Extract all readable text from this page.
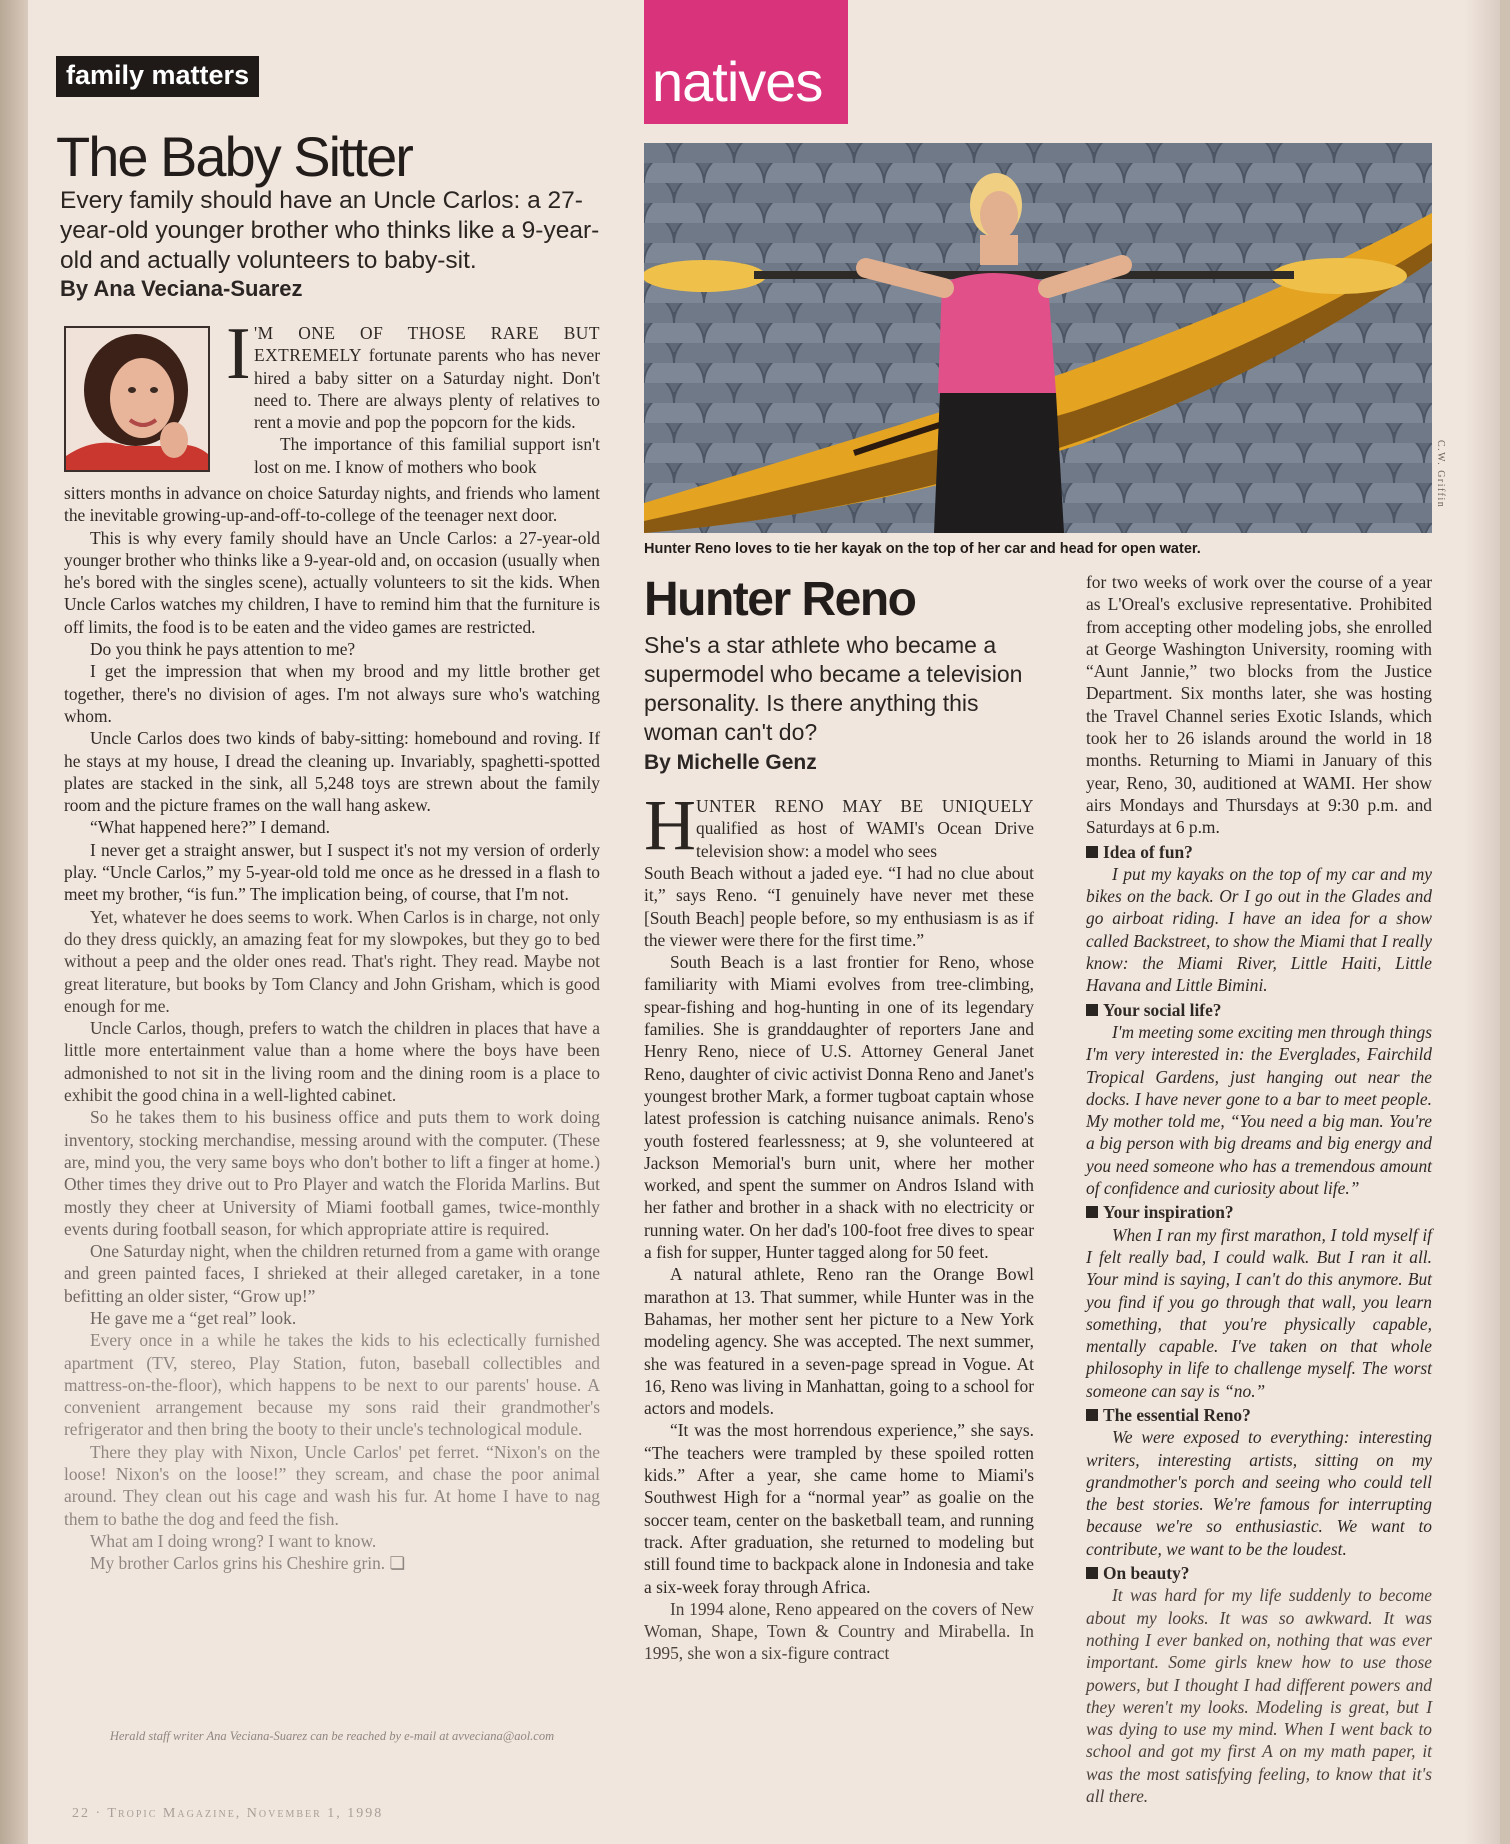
family matters
The Baby Sitter
Every family should have an Uncle Carlos: a 27-year-old younger brother who thinks like a 9-year-old and actually volunteers to baby-sit.
By Ana Veciana-Suarez
I 'M ONE OF THOSE RARE BUT EXTREMELY fortunate parents who has never hired a baby sitter on a Saturday night. Don't need to. There are always plenty of relatives to rent a movie and pop the popcorn for the kids.

The importance of this familial support isn't lost on me. I know of mothers who book

sitters months in advance on choice Saturday nights, and friends who lament the inevitable growing-up-and-off-to-college of the teenager next door.

This is why every family should have an Uncle Carlos: a 27-year-old younger brother who thinks like a 9-year-old and, on occasion (usually when he's bored with the singles scene), actually volunteers to sit the kids. When Uncle Carlos watches my children, I have to remind him that the furniture is off limits, the food is to be eaten and the video games are restricted.

Do you think he pays attention to me?

I get the impression that when my brood and my little brother get together, there's no division of ages. I'm not always sure who's watching whom.

Uncle Carlos does two kinds of baby-sitting: homebound and roving. If he stays at my house, I dread the cleaning up. Invariably, spaghetti-spotted plates are stacked in the sink, all 5,248 toys are strewn about the family room and the picture frames on the wall hang askew.

“What happened here?” I demand.

I never get a straight answer, but I suspect it's not my version of orderly play. “Uncle Carlos,” my 5-year-old told me once as he dressed in a flash to meet my brother, “is fun.” The implication being, of course, that I'm not.

Yet, whatever he does seems to work. When Carlos is in charge, not only do they dress quickly, an amazing feat for my slowpokes, but they go to bed without a peep and the older ones read. That's right. They read. Maybe not great literature, but books by Tom Clancy and John Grisham, which is good enough for me.

Uncle Carlos, though, prefers to watch the children in places that have a little more entertainment value than a home where the boys have been admonished to not sit in the living room and the dining room is a place to exhibit the good china in a well-lighted cabinet.

So he takes them to his business office and puts them to work doing inventory, stocking merchandise, messing around with the computer. (These are, mind you, the very same boys who don't bother to lift a finger at home.) Other times they drive out to Pro Player and watch the Florida Marlins. But mostly they cheer at University of Miami football games, twice-monthly events during football season, for which appropriate attire is required.

One Saturday night, when the children returned from a game with orange and green painted faces, I shrieked at their alleged caretaker, in a tone befitting an older sister, “Grow up!”

He gave me a “get real” look.

Every once in a while he takes the kids to his eclectically furnished apartment (TV, stereo, Play Station, futon, baseball collectibles and mattress-on-the-floor), which happens to be next to our parents' house. A convenient arrangement because my sons raid their grandmother's refrigerator and then bring the booty to their uncle's technological module.

There they play with Nixon, Uncle Carlos' pet ferret. “Nixon's on the loose! Nixon's on the loose!” they scream, and chase the poor animal around. They clean out his cage and wash his fur. At home I have to nag them to bathe the dog and feed the fish.

What am I doing wrong? I want to know.

My brother Carlos grins his Cheshire grin. ❏

Herald staff writer Ana Veciana-Suarez can be reached by e-mail at avveciana@aol.com
22 · Tropic Magazine, November 1, 1998
natives
C.W. Griffin
Hunter Reno loves to tie her kayak on the top of her car and head for open water.
Hunter Reno
She's a star athlete who became a supermodel who became a television personality. Is there anything this woman can't do?
By Michelle Genz
H UNTER RENO MAY BE UNIQUELY qualified as host of WAMI's Ocean Drive television show: a model who sees

South Beach without a jaded eye. “I had no clue about it,” says Reno. “I genuinely have never met these [South Beach] people before, so my enthusiasm is as if the viewer were there for the first time.”

South Beach is a last frontier for Reno, whose familiarity with Miami evolves from tree-climbing, spear-fishing and hog-hunting in one of its legendary families. She is granddaughter of reporters Jane and Henry Reno, niece of U.S. Attorney General Janet Reno, daughter of civic activist Donna Reno and Janet's youngest brother Mark, a former tugboat captain whose latest profession is catching nuisance animals. Reno's youth fostered fearlessness; at 9, she volunteered at Jackson Memorial's burn unit, where her mother worked, and spent the summer on Andros Island with her father and brother in a shack with no electricity or running water. On her dad's 100-foot free dives to spear a fish for supper, Hunter tagged along for 50 feet.

A natural athlete, Reno ran the Orange Bowl marathon at 13. That summer, while Hunter was in the Bahamas, her mother sent her picture to a New York modeling agency. She was accepted. The next summer, she was featured in a seven-page spread in Vogue. At 16, Reno was living in Manhattan, going to a school for actors and models.

“It was the most horrendous experience,” she says. “The teachers were trampled by these spoiled rotten kids.” After a year, she came home to Miami's Southwest High for a “normal year” as goalie on the soccer team, center on the basketball team, and running track. After graduation, she returned to modeling but still found time to backpack alone in Indonesia and take a six-week foray through Africa.

In 1994 alone, Reno appeared on the covers of New Woman, Shape, Town & Country and Mirabella. In 1995, she won a six-figure contract

for two weeks of work over the course of a year as L'Oreal's exclusive representative. Prohibited from accepting other modeling jobs, she enrolled at George Washington University, rooming with “Aunt Jannie,” two blocks from the Justice Department. Six months later, she was hosting the Travel Channel series Exotic Islands, which took her to 26 islands around the world in 18 months. Returning to Miami in January of this year, Reno, 30, auditioned at WAMI. Her show airs Mondays and Thursdays at 9:30 p.m. and Saturdays at 6 p.m.

Idea of fun?

I put my kayaks on the top of my car and my bikes on the back. Or I go out in the Glades and go airboat riding. I have an idea for a show called Backstreet, to show the Miami that I really know: the Miami River, Little Haiti, Little Havana and Little Bimini.

Your social life?

I'm meeting some exciting men through things I'm very interested in: the Everglades, Fairchild Tropical Gardens, just hanging out near the docks. I have never gone to a bar to meet people. My mother told me, “You need a big man. You're a big person with big dreams and big energy and you need someone who has a tremendous amount of confidence and curiosity about life.”

Your inspiration?

When I ran my first marathon, I told myself if I felt really bad, I could walk. But I ran it all. Your mind is saying, I can't do this anymore. But you find if you go through that wall, you learn something, that you're physically capable, mentally capable. I've taken on that whole philosophy in life to challenge myself. The worst someone can say is “no.”

The essential Reno?

We were exposed to everything: interesting writers, interesting artists, sitting on my grandmother's porch and seeing who could tell the best stories. We're famous for interrupting because we're so enthusiastic. We want to contribute, we want to be the loudest.

On beauty?

It was hard for my life suddenly to become about my looks. It was so awkward. It was nothing I ever banked on, nothing that was ever important. Some girls knew how to use those powers, but I thought I had different powers and they weren't my looks. Modeling is great, but I was dying to use my mind. When I went back to school and got my first A on my math paper, it was the most satisfying feeling, to know that it's all there.
